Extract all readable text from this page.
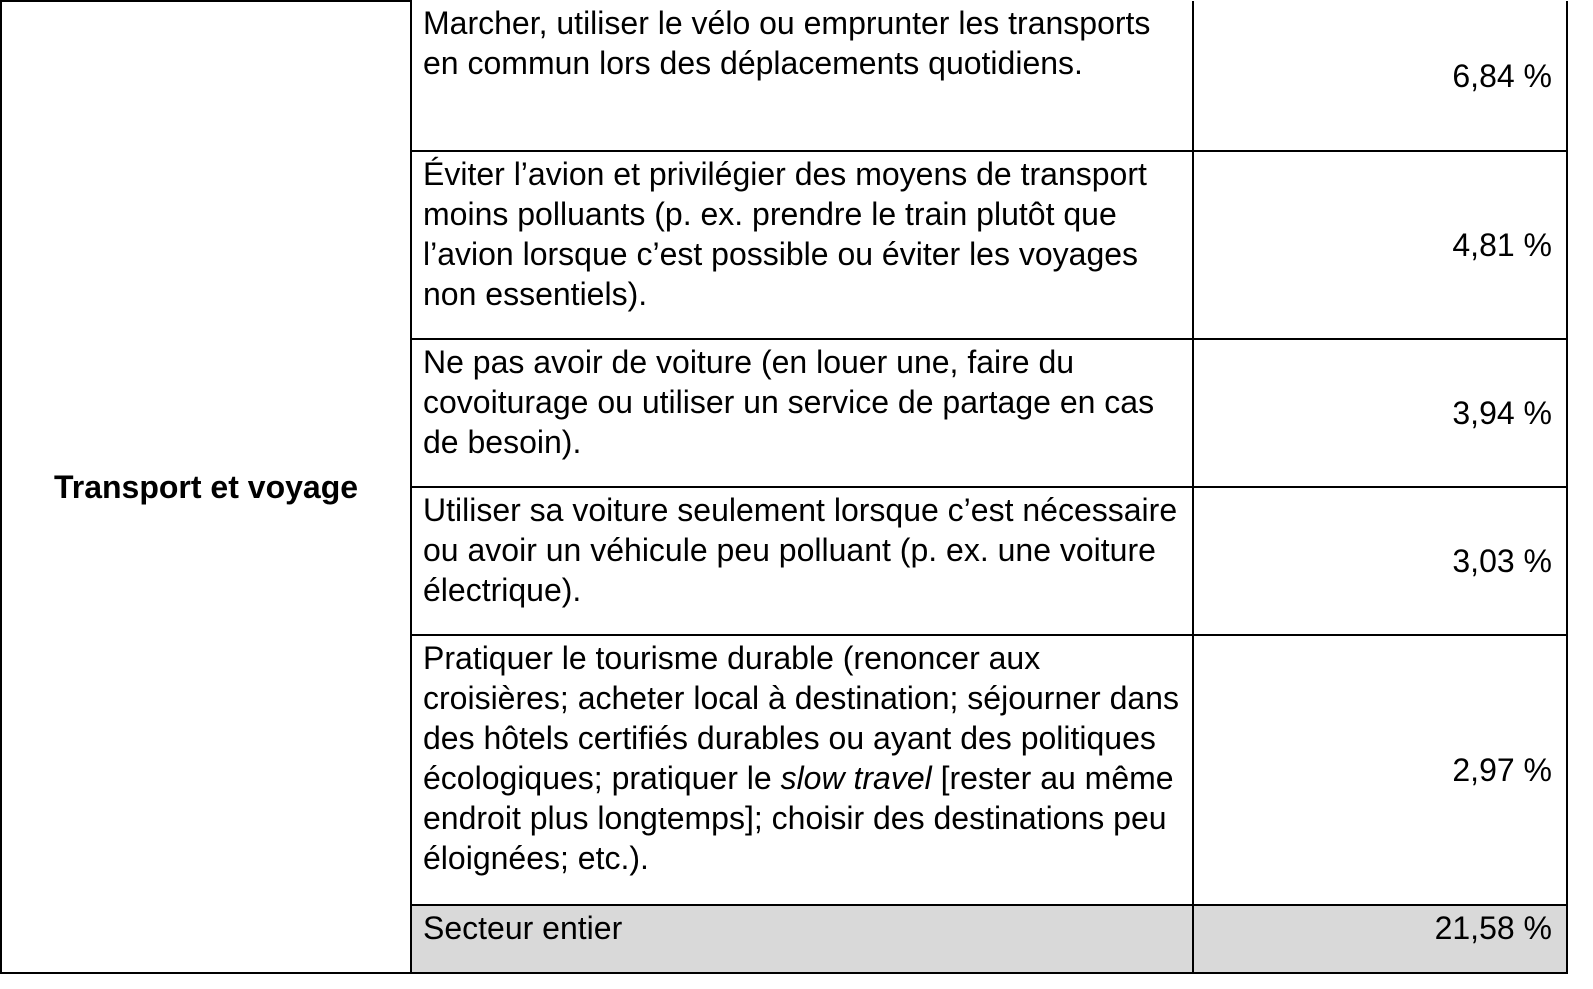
Transport et voyage	Marcher, utiliser le vélo ou emprunter les transports en commun lors des déplacements quotidiens.	6,84 %
	Éviter l’avion et privilégier des moyens de transport moins polluants (p. ex. prendre le train plutôt que l’avion lorsque c’est possible ou éviter les voyages non essentiels).	4,81 %
	Ne pas avoir de voiture (en louer une, faire du covoiturage ou utiliser un service de partage en cas de besoin).	3,94 %
	Utiliser sa voiture seulement lorsque c’est nécessaire ou avoir un véhicule peu polluant (p. ex. une voiture électrique).	3,03 %
	Pratiquer le tourisme durable (renoncer aux croisières; acheter local à destination; séjourner dans des hôtels certifiés durables ou ayant des politiques écologiques; pratiquer le slow travel [rester au même endroit plus longtemps]; choisir des destinations peu éloignées; etc.).	2,97 %
	Secteur entier	21,58 %
